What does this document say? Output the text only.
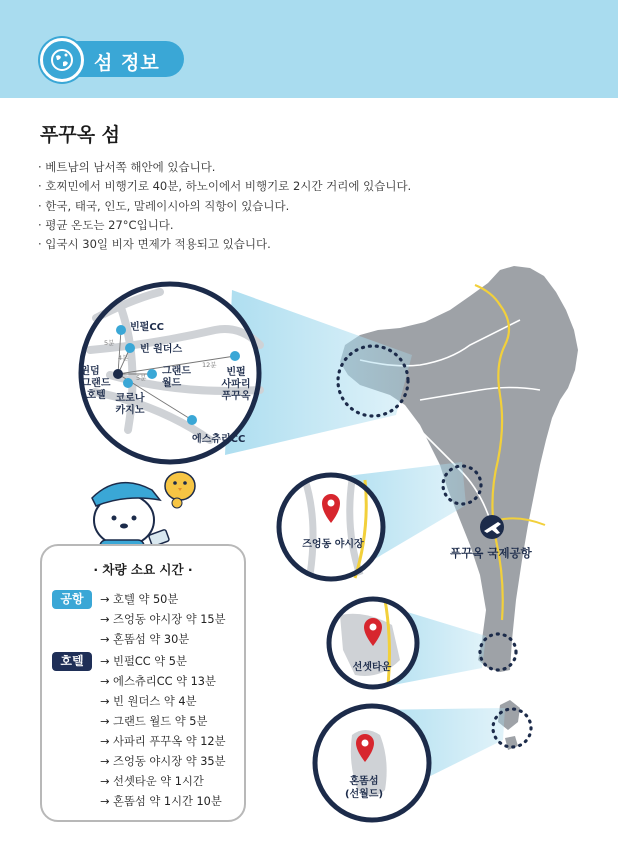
섬 정보
푸꾸옥 섬
· 베트남의 남서쪽 해안에 있습니다.
· 호찌민에서 비행기로 40분, 하노이에서 비행기로 2시간 거리에 있습니다.
· 한국, 태국, 인도, 말레이시아의 직항이 있습니다.
· 평균 온도는 27°C입니다.
· 입국시 30일 비자 면제가 적용되고 있습니다.
푸꾸옥 국제공항
빈펄CC
빈 원더스
윈덤
그랜드
호텔
그랜드
월드
빈펄
사파리
푸꾸옥
코로나
카지노
에스츄리CC
5분
4분
5분
12분
즈엉동 야시장
선셋타운
혼똠섬
(선월드)
· 차량 소요 시간 ·
공항	→ 호텔 약 50분
→ 즈엉동 야시장 약 15분
→ 혼똠섬 약 30분
호텔	→ 빈펄CC 약 5분
→ 에스츄리CC 약 13분
→ 빈 원더스 약 4분
→ 그랜드 월드 약 5분
→ 사파리 푸꾸옥 약 12분
→ 즈엉동 야시장 약 35분
→ 선셋타운 약 1시간
→ 혼똠섬 약 1시간 10분
